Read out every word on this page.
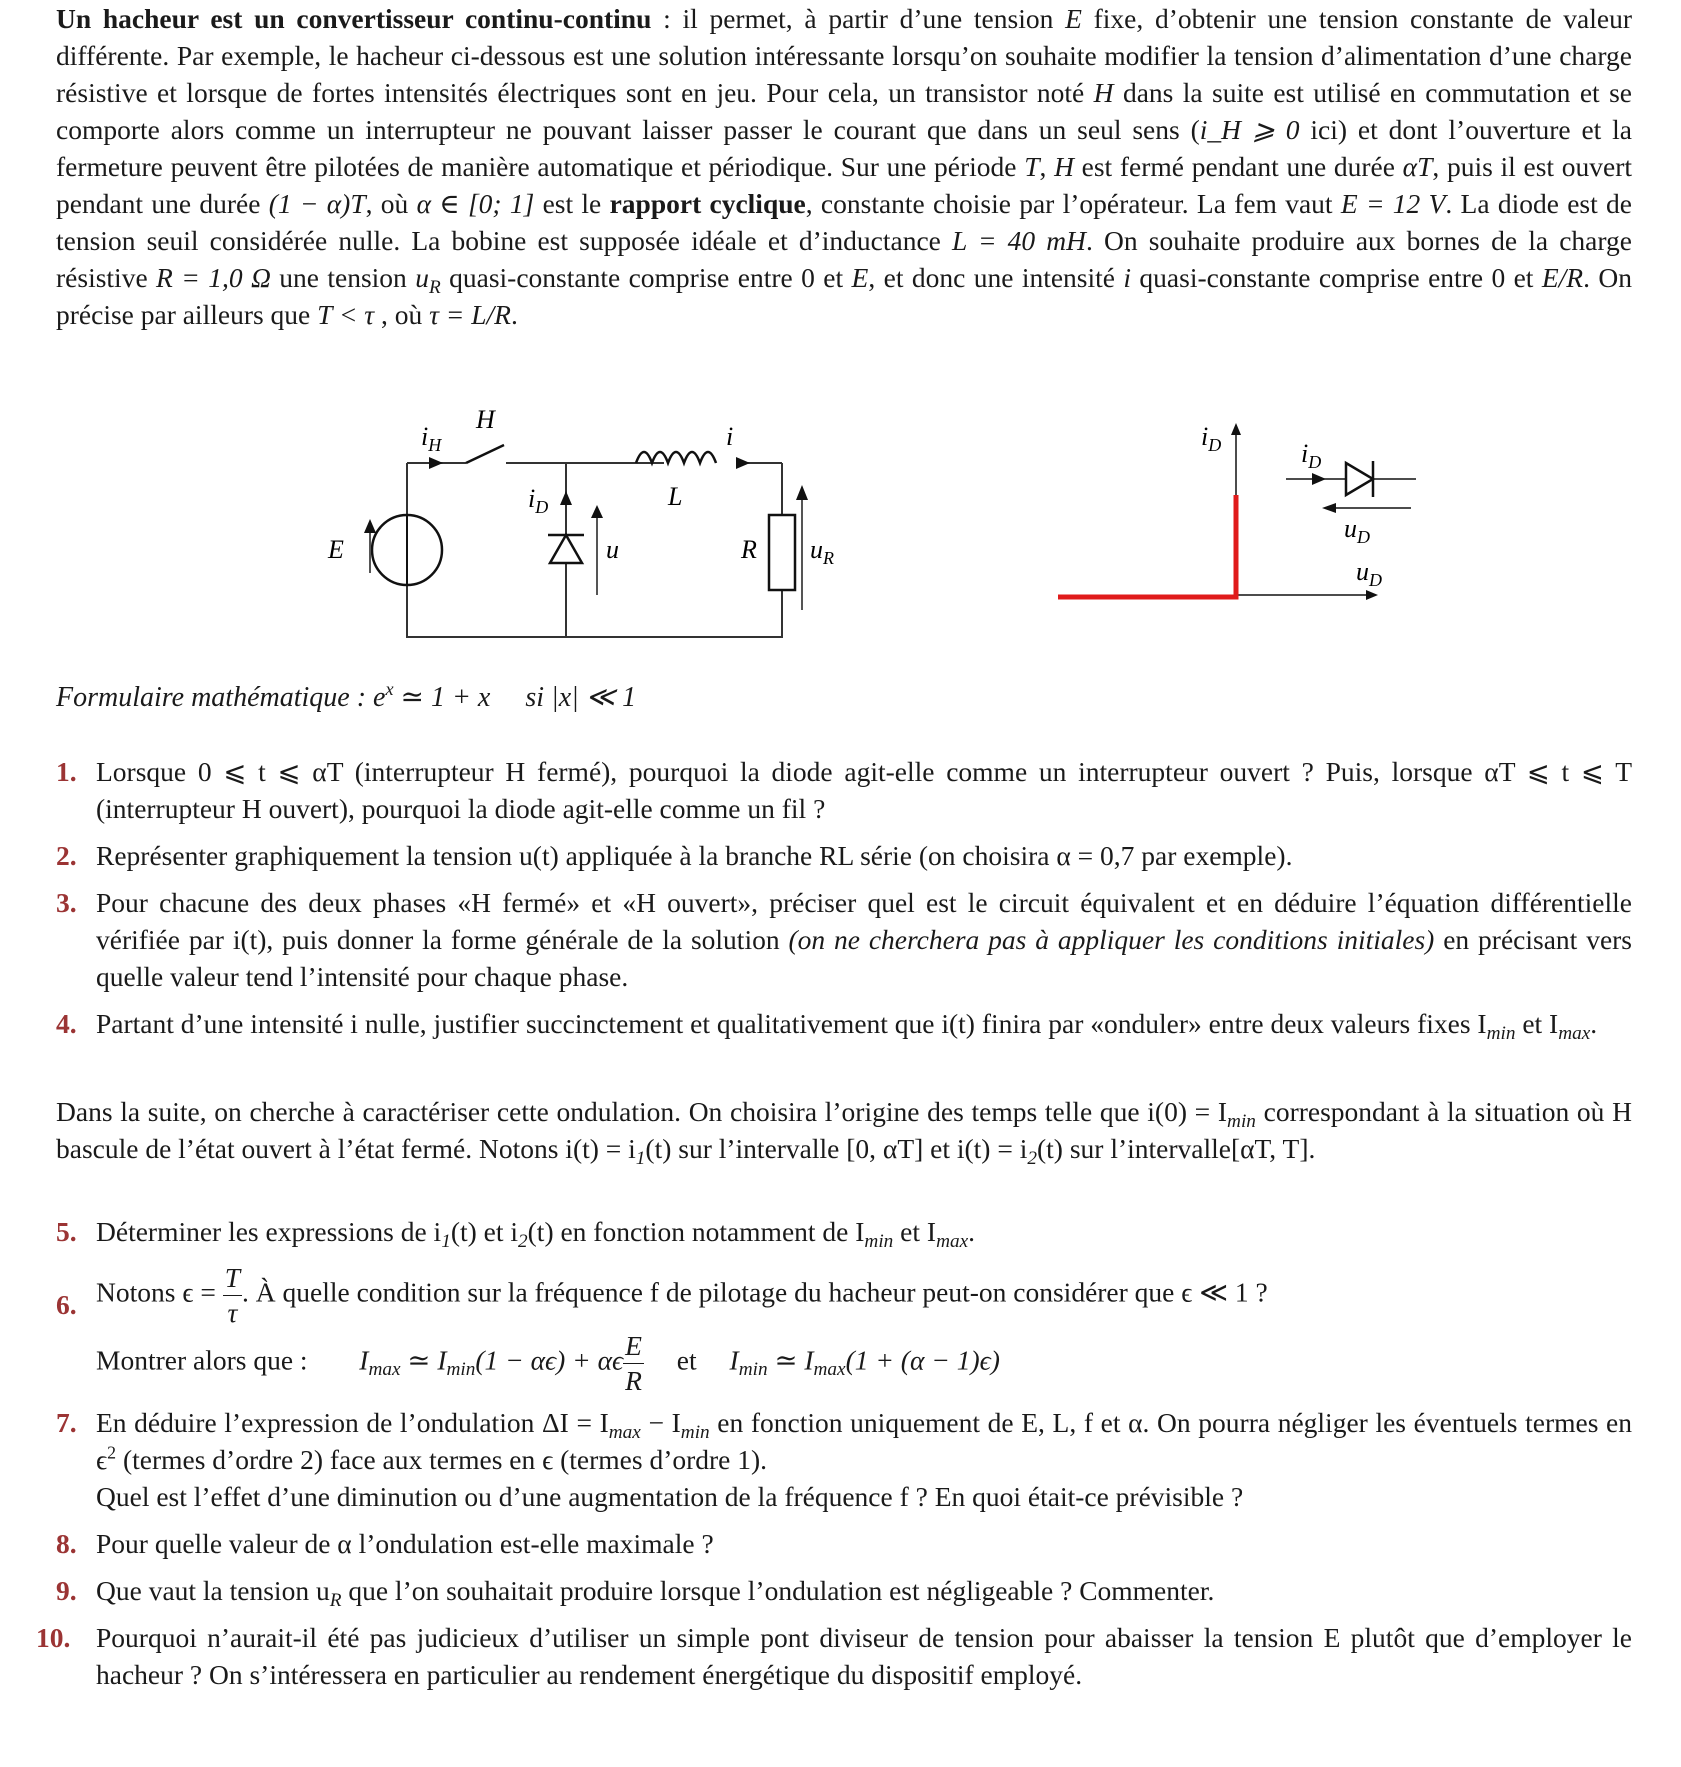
Un hacheur est un convertisseur continu-continu : il permet, à partir d’une tension E fixe, d’obtenir une tension constante de valeur différente. Par exemple, le hacheur ci-dessous est une solution intéressante lorsqu’on souhaite modifier la tension d’alimentation d’une charge résistive et lorsque de fortes intensités électriques sont en jeu. Pour cela, un transistor noté H dans la suite est utilisé en commutation et se comporte alors comme un interrupteur ne pouvant laisser passer le courant que dans un seul sens (i_H ⩾ 0 ici) et dont l’ouverture et la fermeture peuvent être pilotées de manière automatique et périodique. Sur une période T, H est fermé pendant une durée αT, puis il est ouvert pendant une durée (1 − α)T, où α ∈ [0; 1] est le rapport cyclique, constante choisie par l’opérateur. La fem vaut E = 12 V. La diode est de tension seuil considérée nulle. La bobine est supposée idéale et d’inductance L = 40 mH. On souhaite produire aux bornes de la charge résistive R = 1,0 Ω une tension $u_R$ quasi-constante comprise entre 0 et E, et donc une intensité i quasi-constante comprise entre 0 et E/R. On précise par ailleurs que T < τ , où τ = L/R.

$i_H$
H
i
L
$i_D$
u	R $u_R$
E
$i_D$
$u_D$
$i_D$
$u_D$
Formulaire mathématique : $e^x$ ≃ 1 + x     si |x| ≪ 1

1. Lorsque 0 ⩽ t ⩽ αT (interrupteur H fermé), pourquoi la diode agit-elle comme un interrupteur ouvert ? Puis, lorsque αT ⩽ t ⩽ T (interrupteur H ouvert), pourquoi la diode agit-elle comme un fil ?

2. Représenter graphiquement la tension u(t) appliquée à la branche RL série (on choisira α = 0,7 par exemple).

3. Pour chacune des deux phases «H fermé» et «H ouvert», préciser quel est le circuit équivalent et en déduire l’équation différentielle vérifiée par i(t), puis donner la forme générale de la solution (on ne cherchera pas à appliquer les conditions initiales) en précisant vers quelle valeur tend l’intensité pour chaque phase.

4. Partant d’une intensité i nulle, justifier succinctement et qualitativement que i(t) finira par «onduler» entre deux valeurs fixes $I_{min}$ et $I_{max}$.

Dans la suite, on cherche à caractériser cette ondulation. On choisira l’origine des temps telle que $i(0) = I_{min}$ correspondant à la situation où H bascule de l’état ouvert à l’état fermé. Notons $i(t) = i_1(t)$ sur l’intervalle [0, αT] et $i(t) = i_2(t)$ sur l’intervalle[αT, T].

5. Déterminer les expressions de $i_1(t)$ et $i_2(t)$ en fonction notamment de $I_{min}$ et $I_{max}$.

6. Notons $\epsilon = \frac{T}{\tau}$ . À quelle condition sur la fréquence f de pilotage du hacheur peut-on considérer que ϵ ≪ 1 ?
Montrer alors que : $I_{max}$ ≃ $I_{min}(1 - \alpha\epsilon) + \alpha\epsilon \frac{E}{R}$ et $I_{min}$ ≃ $I_{max}(1 + (\alpha - 1)\epsilon)$

7. En déduire l’expression de l’ondulation $\Delta I = I_{max} - I_{min}$ en fonction uniquement de E, L, f et α. On pourra négliger les éventuels termes en $\epsilon^2$ (termes d’ordre 2) face aux termes en ϵ (termes d’ordre 1).
Quel est l’effet d’une diminution ou d’une augmentation de la fréquence f ? En quoi était-ce prévisible ?

8. Pour quelle valeur de α l’ondulation est-elle maximale ?

9. Que vaut la tension $u_R$ que l’on souhaitait produire lorsque l’ondulation est négligeable ? Commenter.

10. Pourquoi n’aurait-il été pas judicieux d’utiliser un simple pont diviseur de tension pour abaisser la tension E plutôt que d’employer le hacheur ? On s’intéressera en particulier au rendement énergétique du dispositif employé.
